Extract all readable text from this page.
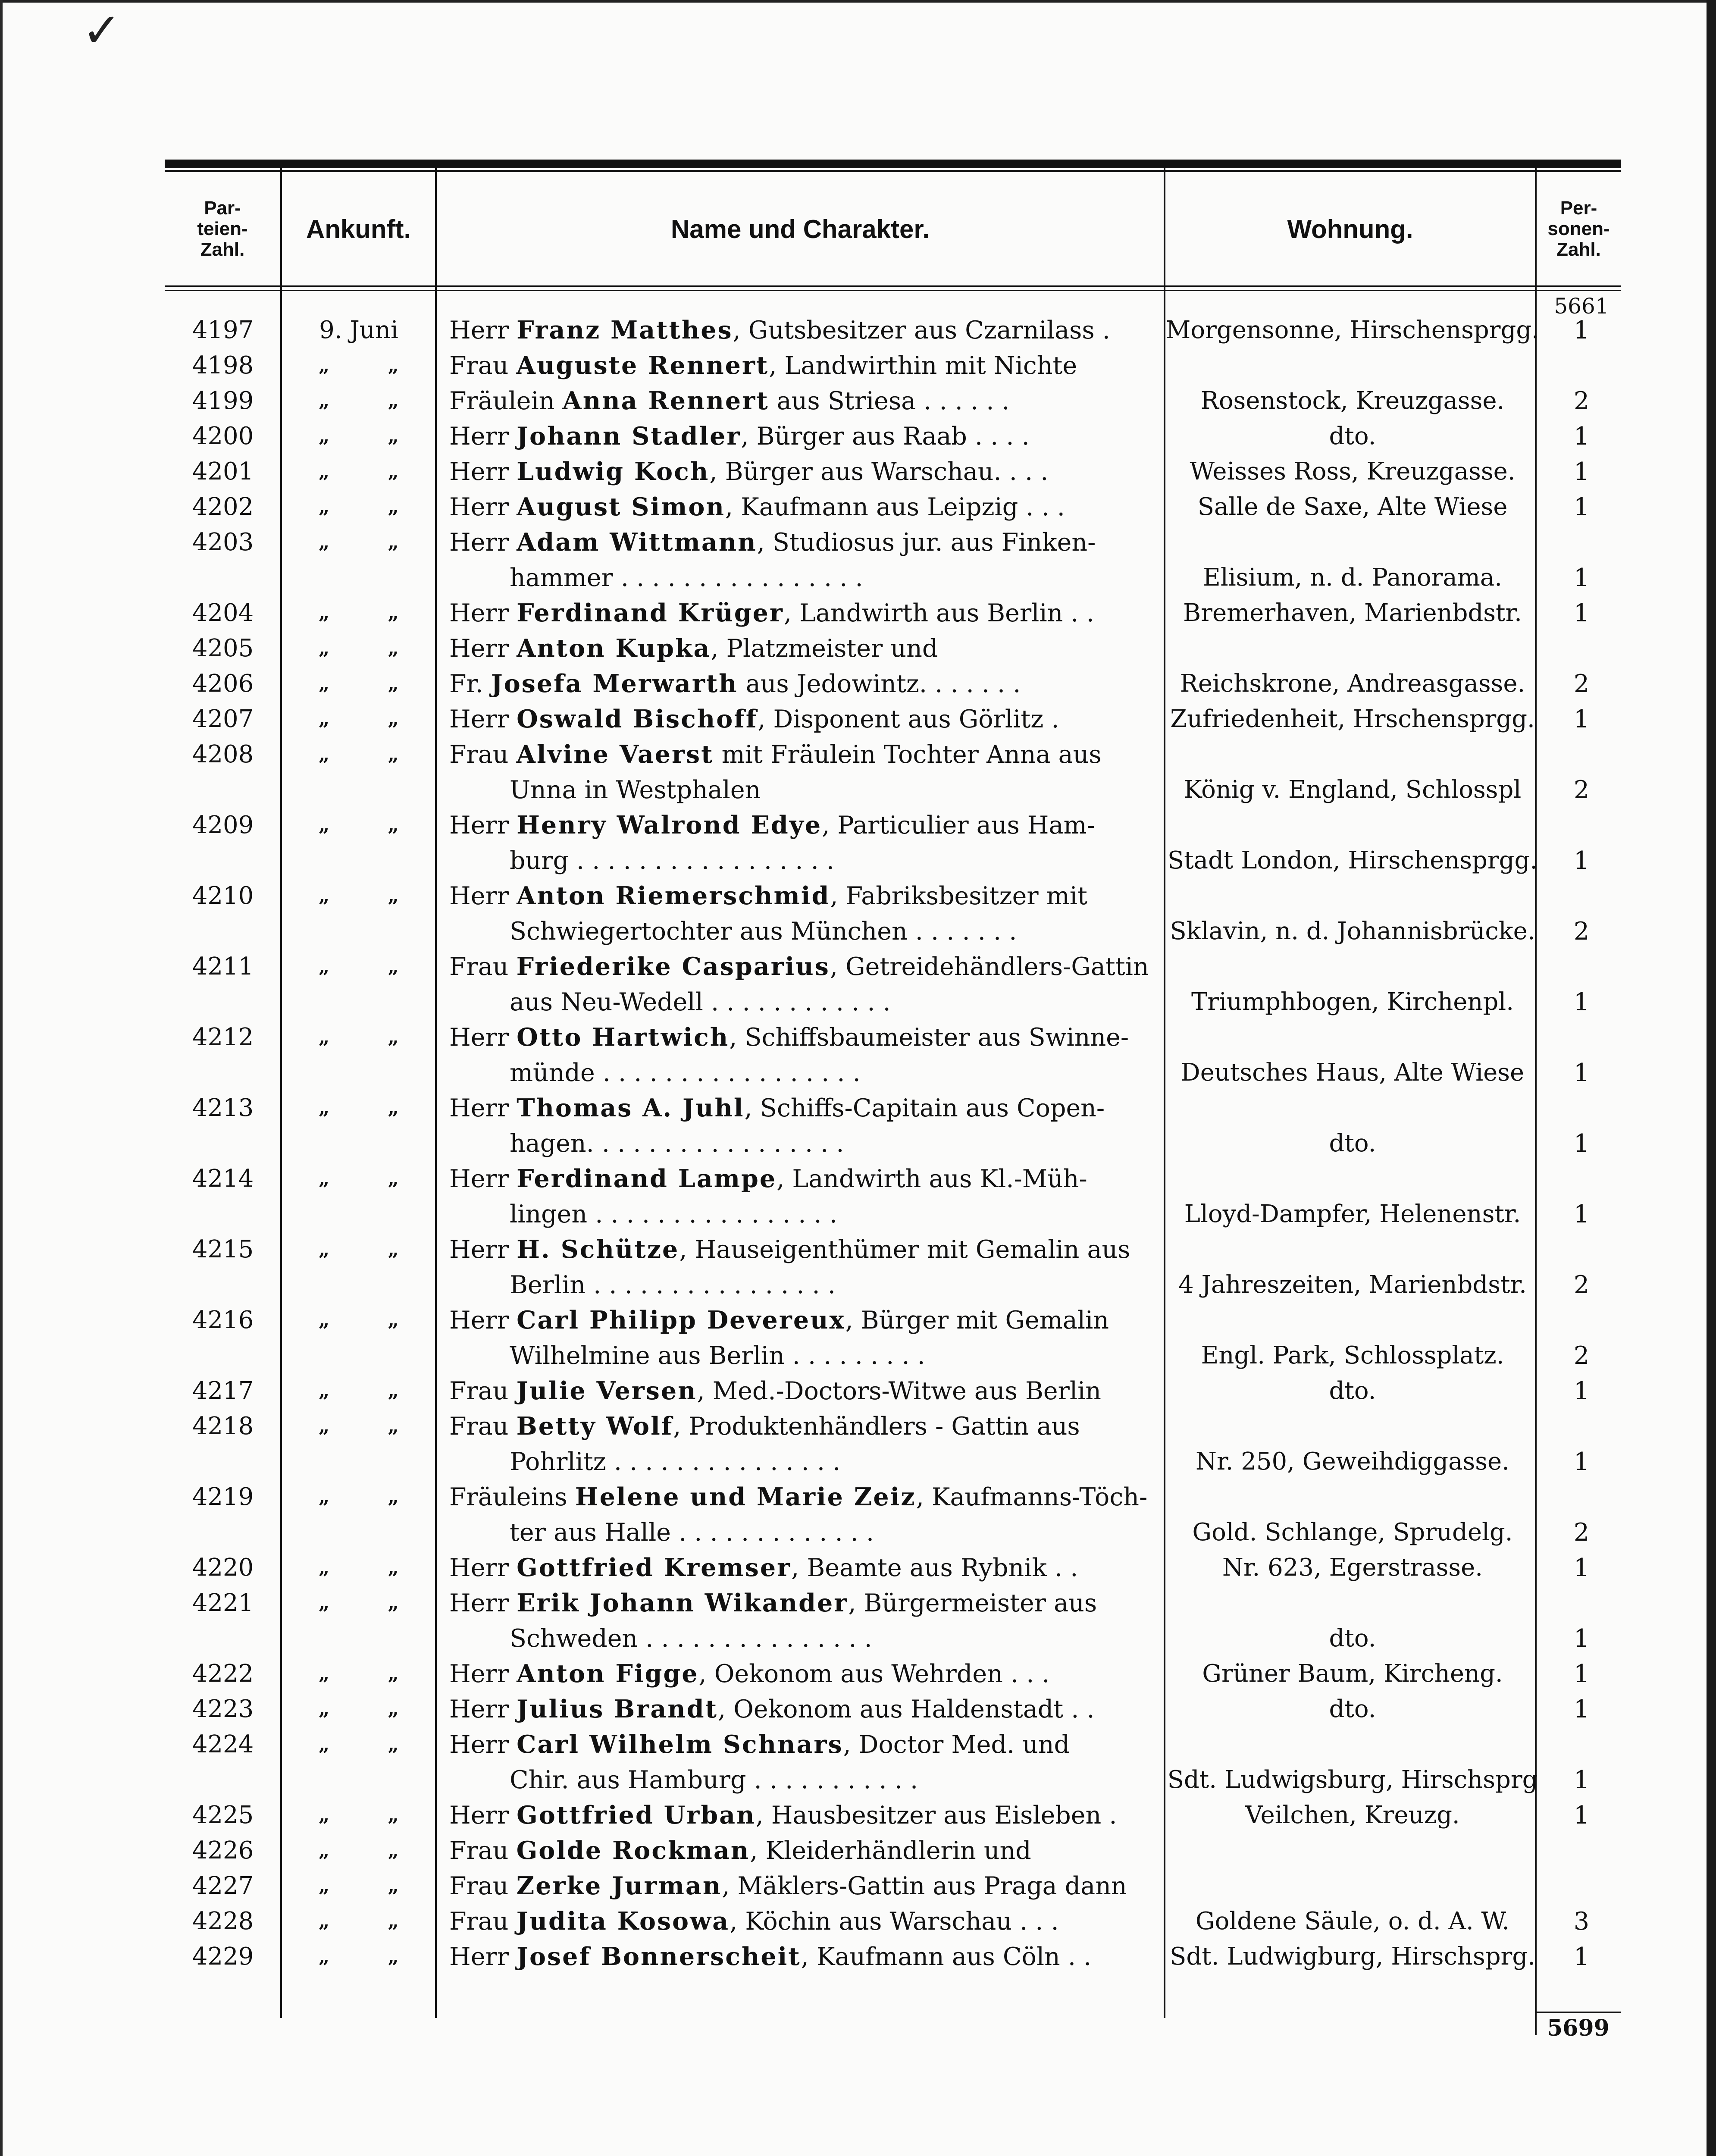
✓
Par-
teien-
Zahl.
Ankunft.	Name und Charakter.	Wohnung.
Per-
sonen-
Zahl.
5661
4197	9. Juni	Herr Franz Matthes, Gutsbesitzer aus Czarnilass .	Morgensonne, Hirschensprgg.	1
4198	„ „	Frau Auguste Rennert, Landwirthin mit Nichte
4199	„ „	Fräulein Anna Rennert aus Striesa . . . . . .	Rosenstock, Kreuzgasse.	2
4200	„ „	Herr Johann Stadler, Bürger aus Raab . . . .	dto.	1
4201	„ „	Herr Ludwig Koch, Bürger aus Warschau. . . .	Weisses Ross, Kreuzgasse.	1
4202	„ „	Herr August Simon, Kaufmann aus Leipzig . . .	Salle de Saxe, Alte Wiese	1
4203	„ „	Herr Adam Wittmann, Studiosus jur. aus Finken-
hammer . . . . . . . . . . . . . . . .	Elisium, n. d. Panorama.	1
4204	„ „	Herr Ferdinand Krüger, Landwirth aus Berlin . .	Bremerhaven, Marienbdstr.	1
4205	„ „	Herr Anton Kupka, Platzmeister und
4206	„ „	Fr. Josefa Merwarth aus Jedowintz. . . . . . .	Reichskrone, Andreasgasse.	2
4207	„ „	Herr Oswald Bischoff, Disponent aus Görlitz .	Zufriedenheit, Hrschensprgg.	1
4208	„ „	Frau Alvine Vaerst mit Fräulein Tochter Anna aus
Unna in Westphalen	König v. England, Schlosspl	2
4209	„ „	Herr Henry Walrond Edye, Particulier aus Ham-
burg . . . . . . . . . . . . . . . . .	Stadt London, Hirschensprgg.	1
4210	„ „	Herr Anton Riemerschmid, Fabriksbesitzer mit
Schwiegertochter aus München . . . . . . .	Sklavin, n. d. Johannisbrücke.	2
4211	„ „	Frau Friederike Casparius, Getreidehändlers-Gattin
aus Neu-Wedell . . . . . . . . . . . .	Triumphbogen, Kirchenpl.	1
4212	„ „	Herr Otto Hartwich, Schiffsbaumeister aus Swinne-
münde . . . . . . . . . . . . . . . . .	Deutsches Haus, Alte Wiese	1
4213	„ „	Herr Thomas A. Juhl, Schiffs-Capitain aus Copen-
hagen. . . . . . . . . . . . . . . . .	dto.	1
4214	„ „	Herr Ferdinand Lampe, Landwirth aus Kl.-Müh-
lingen . . . . . . . . . . . . . . . .	Lloyd-Dampfer, Helenenstr.	1
4215	„ „	Herr H. Schütze, Hauseigenthümer mit Gemalin aus
Berlin . . . . . . . . . . . . . . . .	4 Jahreszeiten, Marienbdstr.	2
4216	„ „	Herr Carl Philipp Devereux, Bürger mit Gemalin
Wilhelmine aus Berlin . . . . . . . . .	Engl. Park, Schlossplatz.	2
4217	„ „	Frau Julie Versen, Med.-Doctors-Witwe aus Berlin	dto.	1
4218	„ „	Frau Betty Wolf, Produktenhändlers - Gattin aus
Pohrlitz . . . . . . . . . . . . . . .	Nr. 250, Geweihdiggasse.	1
4219	„ „	Fräuleins Helene und Marie Zeiz, Kaufmanns-Töch-
ter aus Halle . . . . . . . . . . . . .	Gold. Schlange, Sprudelg.	2
4220	„ „	Herr Gottfried Kremser, Beamte aus Rybnik . .	Nr. 623, Egerstrasse.	1
4221	„ „	Herr Erik Johann Wikander, Bürgermeister aus
Schweden . . . . . . . . . . . . . . .	dto.	1
4222	„ „	Herr Anton Figge, Oekonom aus Wehrden . . .	Grüner Baum, Kircheng.	1
4223	„ „	Herr Julius Brandt, Oekonom aus Haldenstadt . .	dto.	1
4224	„ „	Herr Carl Wilhelm Schnars, Doctor Med. und
Chir. aus Hamburg . . . . . . . . . . .	Sdt. Ludwigsburg, Hirschsprg	1
4225	„ „	Herr Gottfried Urban, Hausbesitzer aus Eisleben .	Veilchen, Kreuzg.	1
4226	„ „	Frau Golde Rockman, Kleiderhändlerin und
4227	„ „	Frau Zerke Jurman, Mäklers-Gattin aus Praga dann
4228	„ „	Frau Judita Kosowa, Köchin aus Warschau . . .	Goldene Säule, o. d. A. W.	3
4229	„ „	Herr Josef Bonnerscheit, Kaufmann aus Cöln . .	Sdt. Ludwigburg, Hirschsprg.	1
5699
